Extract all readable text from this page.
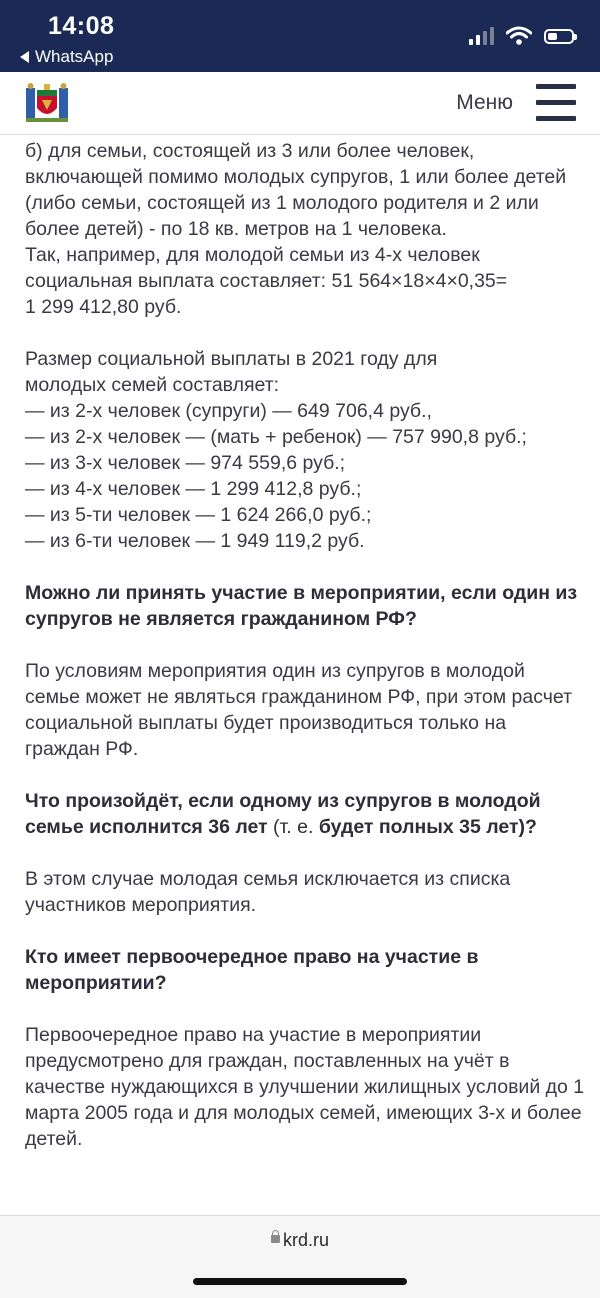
14:08
WhatsApp
Меню

б) для семьи, состоящей из 3 или более человек, включающей помимо молодых супругов, 1 или более детей (либо семьи, состоящей из 1 молодого родителя и 2 или более детей) - по 18 кв. метров на 1 человека.

Так, например, для молодой семьи из 4-х человек социальная выплата составляет: 51 564×18×4×0,35=

1 299 412,80 руб.

Размер социальной выплаты в 2021 году для

молодых семей составляет:

— из 2-х человек (супруги) — 649 706,4 руб.,

— из 2-х человек — (мать + ребенок) — 757 990,8 руб.;

— из 3-х человек — 974 559,6 руб.;

— из 4-х человек — 1 299 412,8 руб.;

— из 5-ти человек — 1 624 266,0 руб.;

— из 6-ти человек — 1 949 119,2 руб.

Можно ли принять участие в мероприятии, если один из супругов не является гражданином РФ?

По условиям мероприятия один из супругов в молодой семье может не являться гражданином РФ, при этом расчет социальной выплаты будет производиться только на граждан РФ.

Что произойдёт, если одному из супругов в молодой семье исполнится 36 лет (т. е. будет полных 35 лет)?

В этом случае молодая семья исключается из списка участников мероприятия.

Кто имеет первоочередное право на участие в мероприятии?

Первоочередное право на участие в мероприятии предусмотрено для граждан, поставленных на учёт в качестве нуждающихся в улучшении жилищных условий до 1 марта 2005 года и для молодых семей, имеющих 3-х и более детей.

krd.ru
